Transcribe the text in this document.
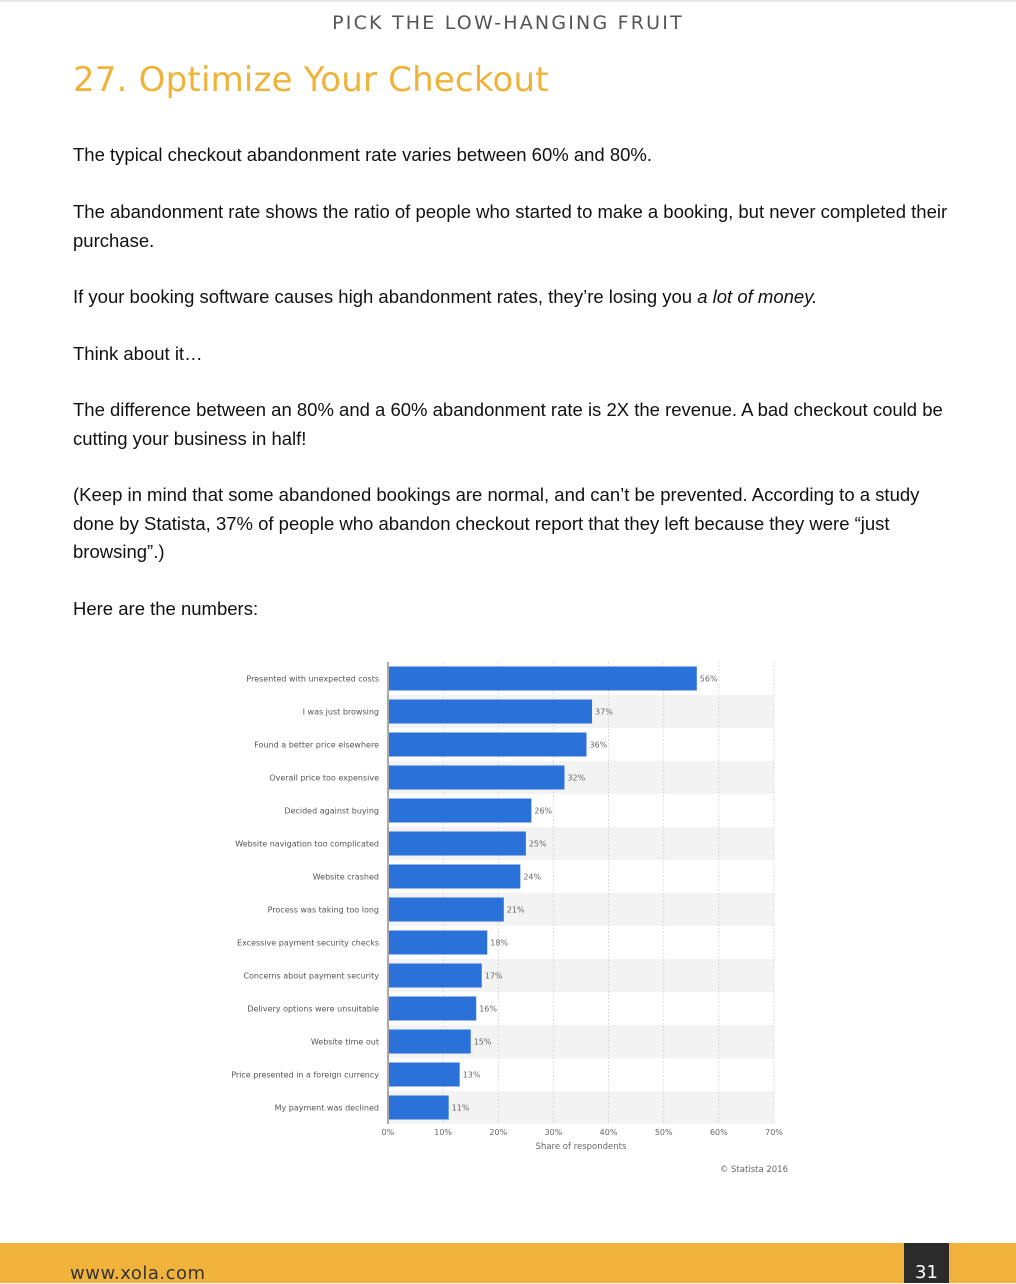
PICK THE LOW-HANGING FRUIT
27. Optimize Your Checkout

The typical checkout abandonment rate varies between 60% and 80%.

The abandonment rate shows the ratio of people who started to make a booking, but never completed their purchase.

If your booking software causes high abandonment rates, they’re losing you a lot of money.

Think about it…

The difference between an 80% and a 60% abandonment rate is 2X the revenue. A bad checkout could be cutting your business in half!

(Keep in mind that some abandoned bookings are normal, and can’t be prevented. According to a study done by Statista, 37% of people who abandon checkout report that they left because they were “just browsing”.)

Here are the numbers:

Presented with unexpected costs
I was just browsing
Found a better price elsewhere
Overall price too expensive
Decided against buying
Website navigation too complicated
Website crashed
Process was taking too long
Excessive payment security checks
Concerns about payment security
Delivery options were unsuitable
Website time out
Price presented in a foreign currency
My payment was declined
56%
37%
36%
32%
26%
25%
24%
21%
18%
17%
16%
15%
13%
11%
0%	10%	20%	30%	40%	50%	60%	70%
Share of respondents
© Statista 2016
www.xola.com	31
